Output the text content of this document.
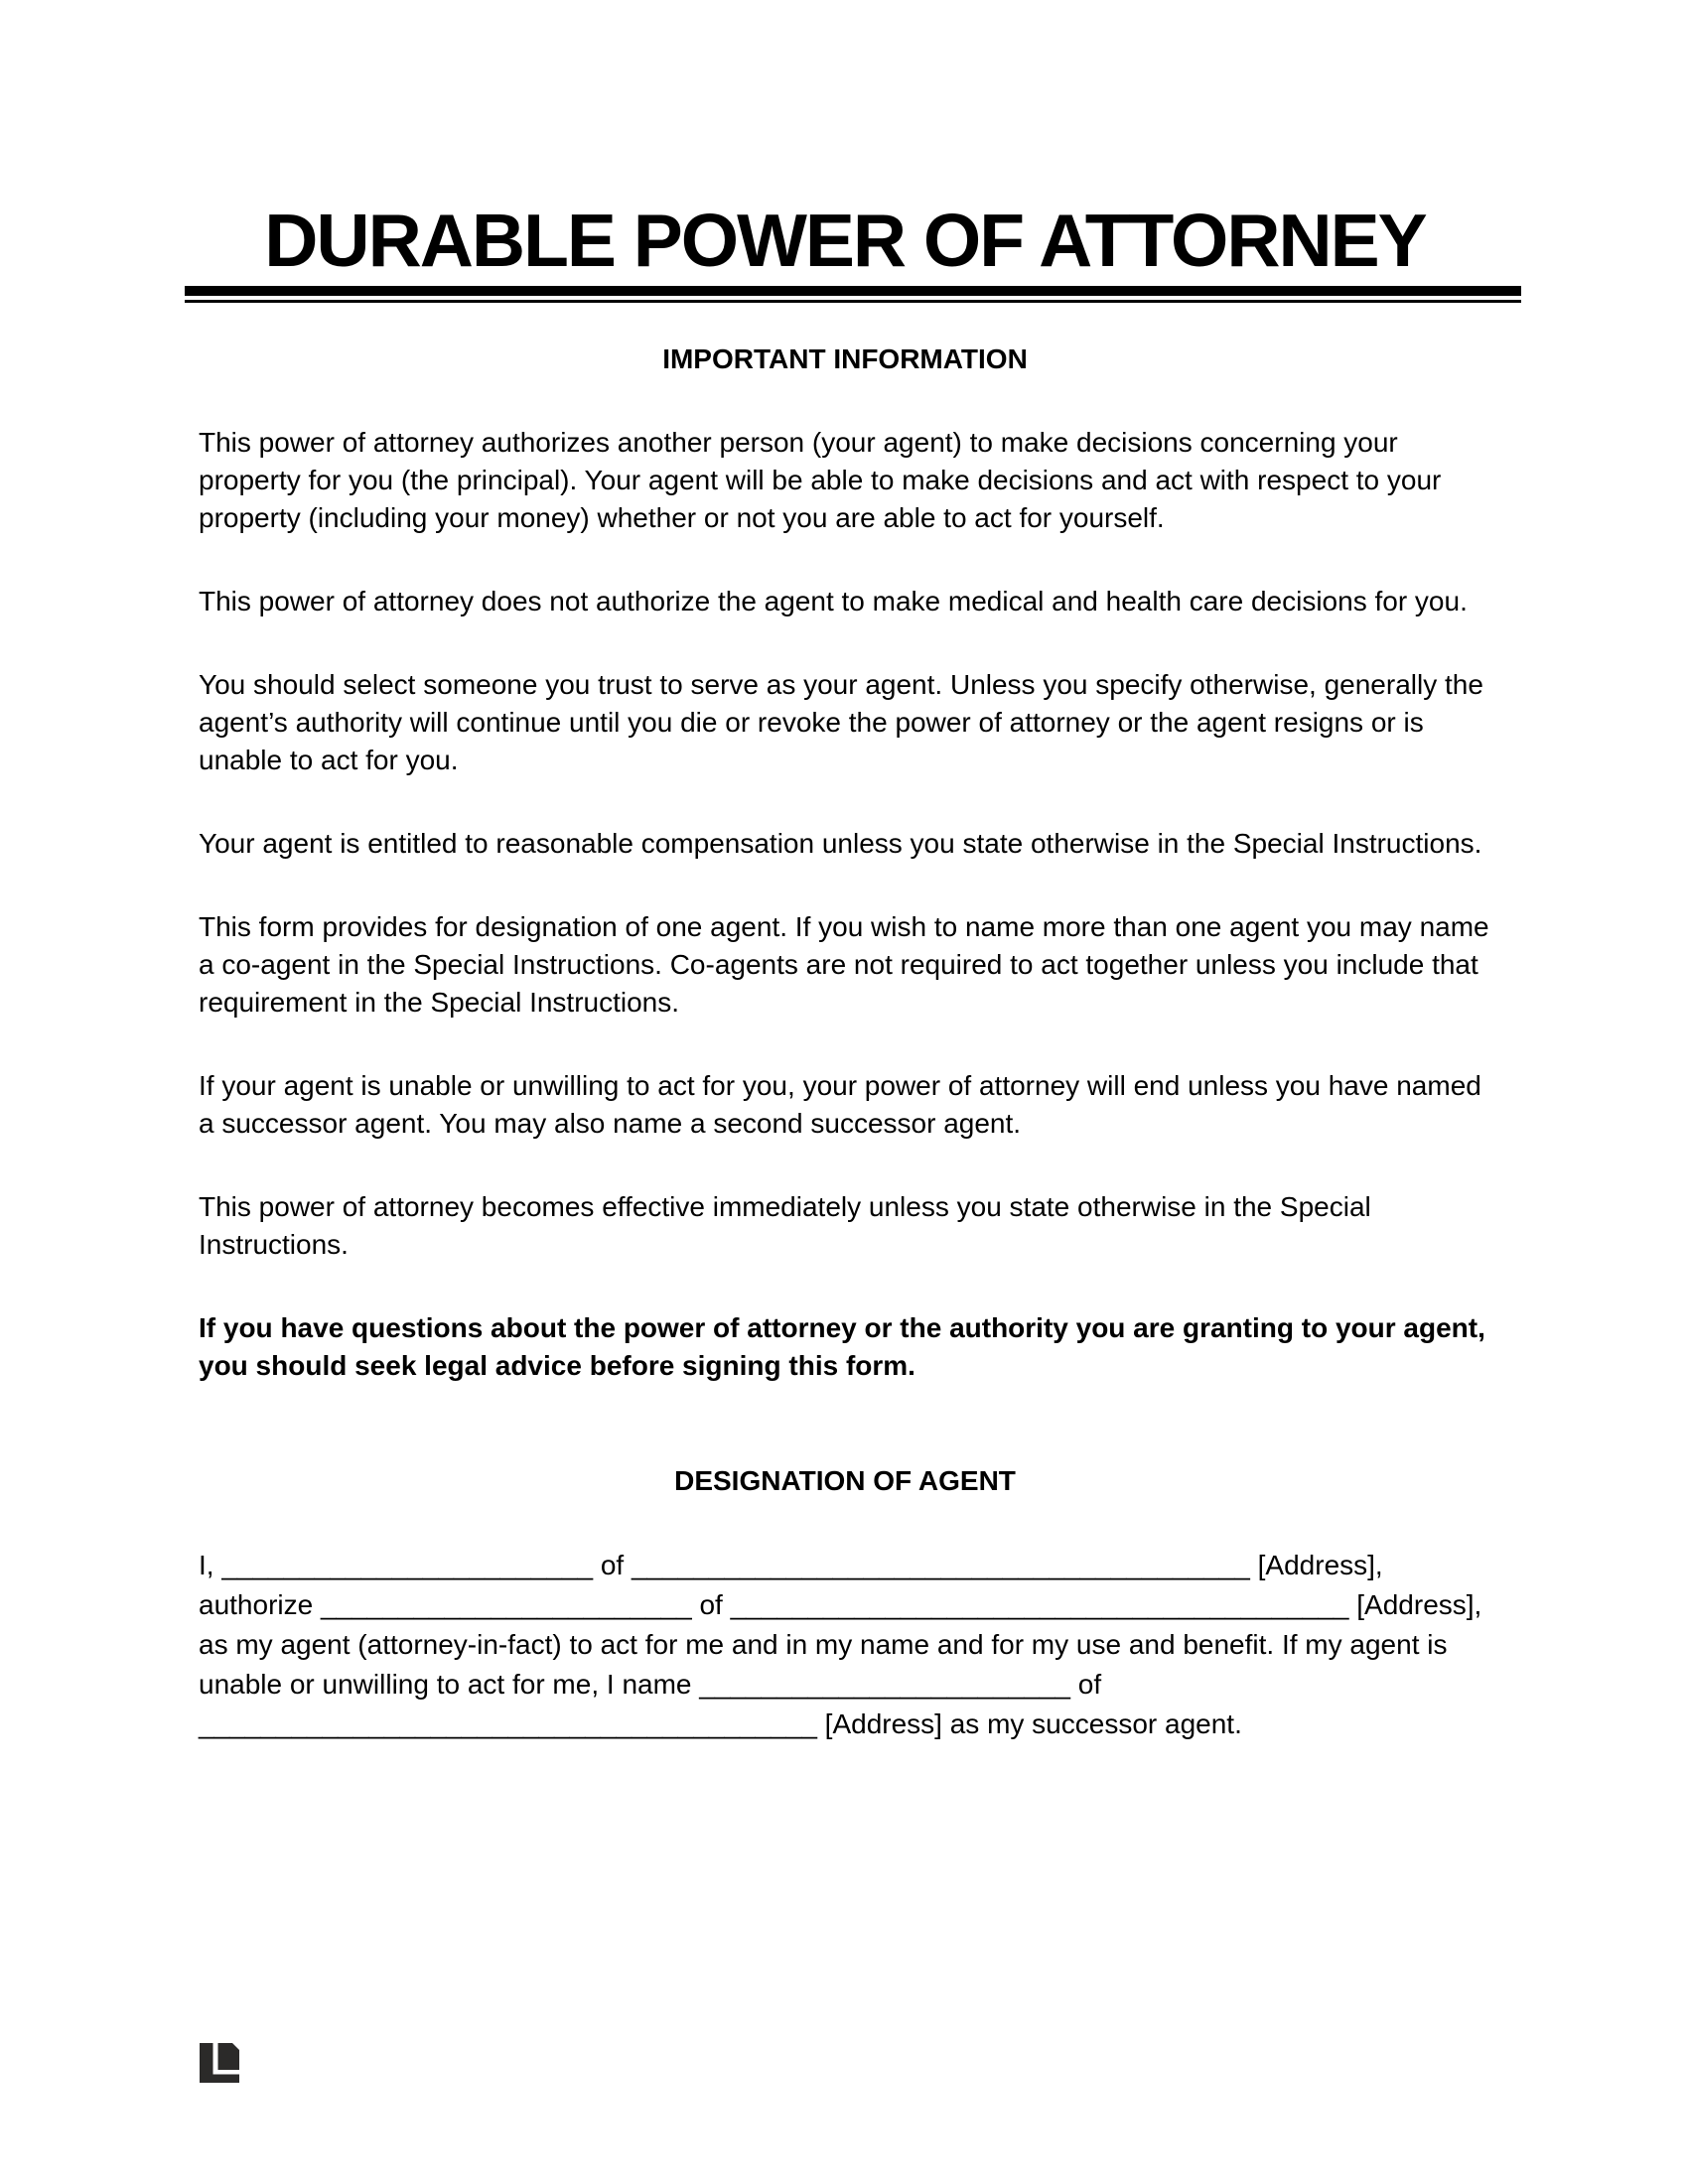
DURABLE POWER OF ATTORNEY
IMPORTANT INFORMATION

This power of attorney authorizes another person (your agent) to make decisions concerning your property for you (the principal). Your agent will be able to make decisions and act with respect to your property (including your money) whether or not you are able to act for yourself.

This power of attorney does not authorize the agent to make medical and health care decisions for you.

You should select someone you trust to serve as your agent. Unless you specify otherwise, generally the agent’s authority will continue until you die or revoke the power of attorney or the agent resigns or is unable to act for you.

Your agent is entitled to reasonable compensation unless you state otherwise in the Special Instructions.

This form provides for designation of one agent. If you wish to name more than one agent you may name a co-agent in the Special Instructions. Co-agents are not required to act together unless you include that requirement in the Special Instructions.

If your agent is unable or unwilling to act for you, your power of attorney will end unless you have named a successor agent. You may also name a second successor agent.

This power of attorney becomes effective immediately unless you state otherwise in the Special Instructions.

If you have questions about the power of attorney or the authority you are granting to your agent, you should seek legal advice before signing this form.

DESIGNATION OF AGENT
I, ________________________ of ________________________________________ [Address],
authorize ________________________ of ________________________________________ [Address],
as my agent (attorney-in-fact) to act for me and in my name and for my use and benefit. If my agent is
unable or unwilling to act for me, I name ________________________ of
________________________________________ [Address] as my successor agent.
